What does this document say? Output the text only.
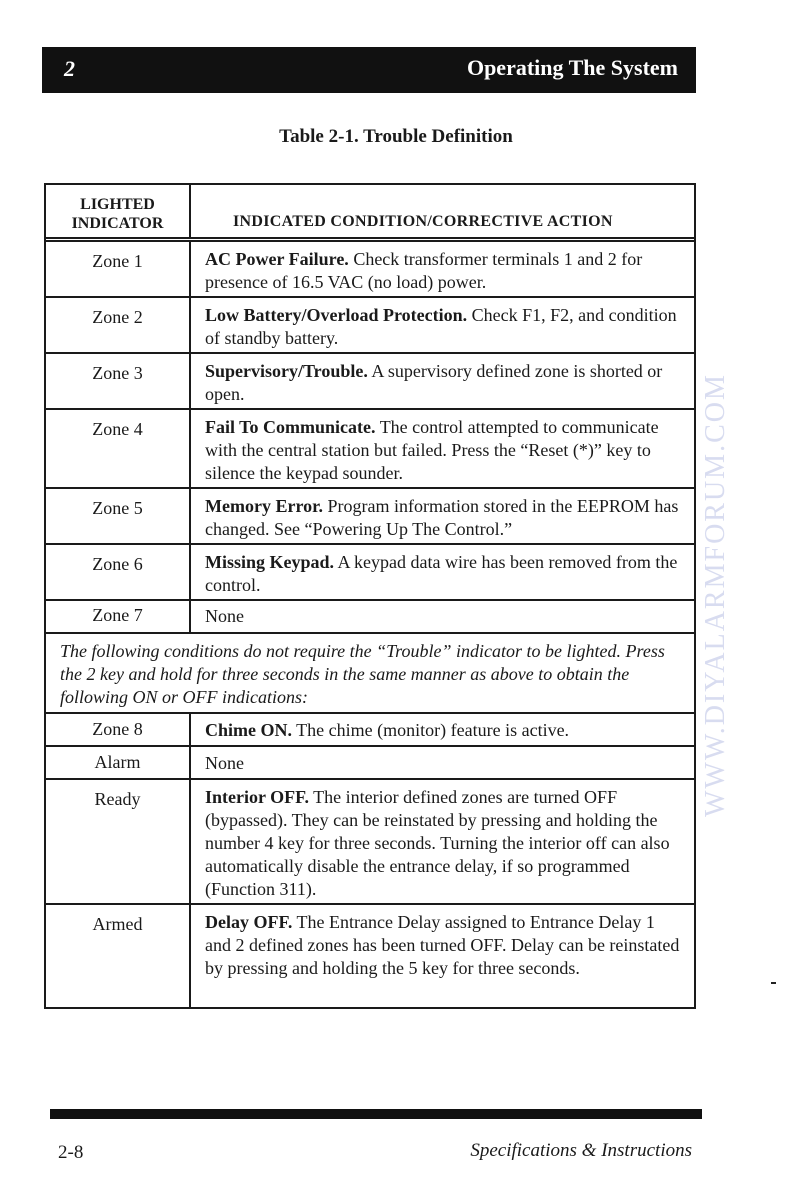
2	Operating The System
Table 2-1. Trouble Definition
LIGHTED
INDICATOR	INDICATED CONDITION/CORRECTIVE ACTION
Zone 1	AC Power Failure. Check transformer terminals 1 and 2 for presence of 16.5 VAC (no load) power.
Zone 2	Low Battery/Overload Protection. Check F1, F2, and condition of standby battery.
Zone 3	Supervisory/Trouble. A supervisory defined zone is shorted or open.
Zone 4	Fail To Communicate. The control attempted to communicate with the central station but failed. Press the “Reset (*)” key to silence the keypad sounder.
Zone 5	Memory Error. Program information stored in the EEPROM has changed. See “Powering Up The Control.”
Zone 6	Missing Keypad. A keypad data wire has been removed from the control.
Zone 7	None
The following conditions do not require the “Trouble” indicator to be lighted. Press the 2 key and hold for three seconds in the same manner as above to obtain the following ON or OFF indications:
Zone 8	Chime ON. The chime (monitor) feature is active.
Alarm	None
Ready	Interior OFF. The interior defined zones are turned OFF (bypassed). They can be reinstated by pressing and holding the number 4 key for three seconds. Turning the interior off can also automatically disable the entrance delay, if so programmed (Function 311).
Armed	Delay OFF. The Entrance Delay assigned to Entrance Delay 1 and 2 defined zones has been turned OFF. Delay can be reinstated by pressing and holding the 5 key for three seconds.
WWW.DIYALARMFORUM.COM
2-8	Specifications & Instructions
